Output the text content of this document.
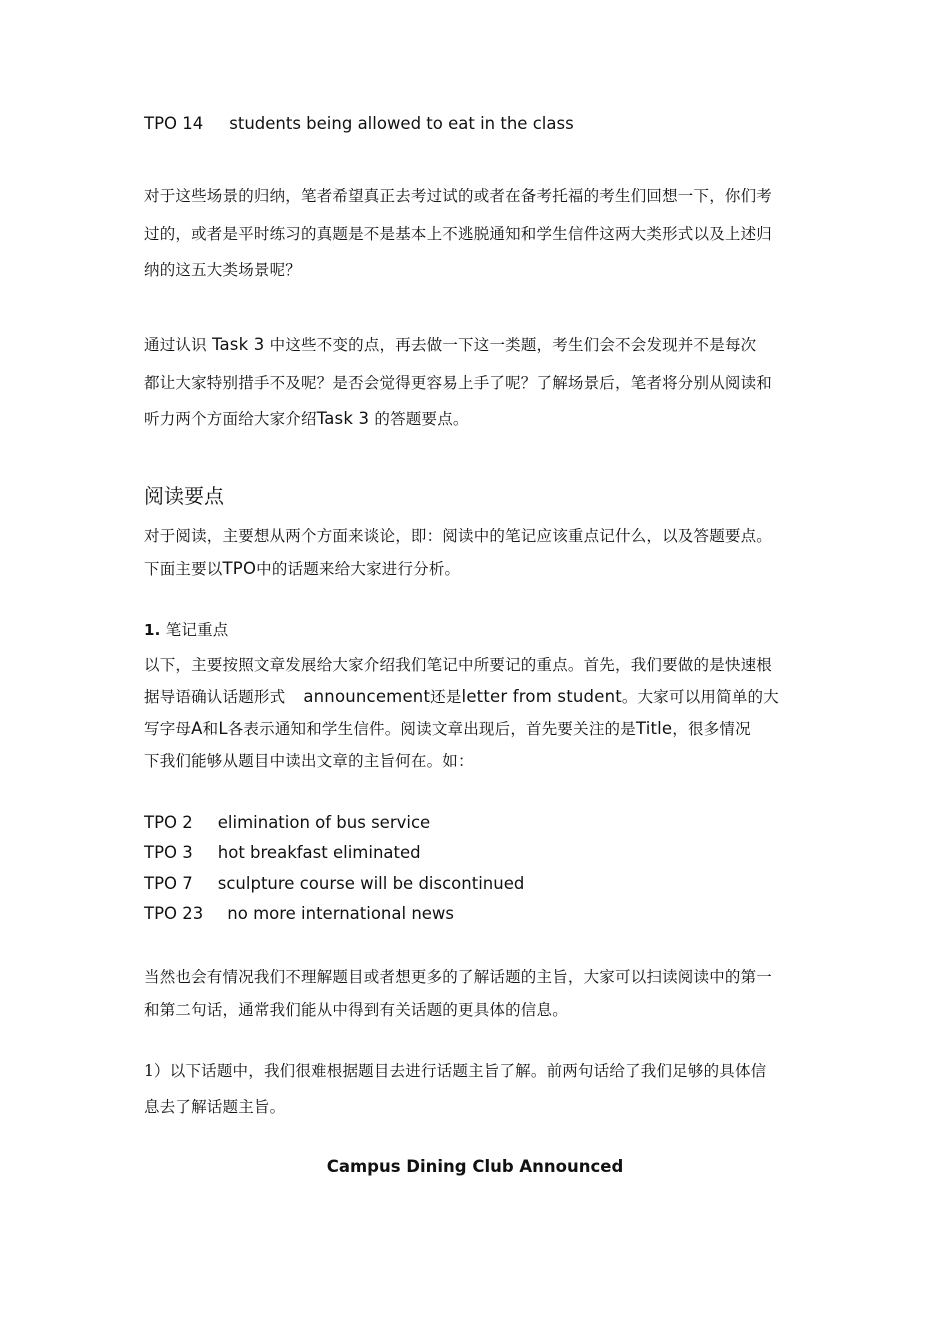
TPO 14 students being allowed to eat in the class
对于这些场景的归纳，笔者希望真正去考过试的或者在备考托福的考生们回想一下，你们考
过的，或者是平时练习的真题是不是基本上不逃脱通知和学生信件这两大类形式以及上述归
纳的这五大类场景呢？
通过认识 Task 3 中这些不变的点，再去做一下这一类题，考生们会不会发现并不是每次
都让大家特别措手不及呢？是否会觉得更容易上手了呢？了解场景后，笔者将分别从阅读和
听力两个方面给大家介绍Task 3 的答题要点。
阅读要点
对于阅读，主要想从两个方面来谈论，即：阅读中的笔记应该重点记什么，以及答题要点。
下面主要以TPO中的话题来给大家进行分析。
1. 笔记重点
以下，主要按照文章发展给大家介绍我们笔记中所要记的重点。首先，我们要做的是快速根
据导语确认话题形式 announcement还是letter from student。大家可以用简单的大
写字母A和L各表示通知和学生信件。阅读文章出现后，首先要关注的是Title，很多情况
下我们能够从题目中读出文章的主旨何在。如：
TPO 2 elimination of bus service
TPO 3 hot breakfast eliminated
TPO 7 sculpture course will be discontinued
TPO 23 no more international news
当然也会有情况我们不理解题目或者想更多的了解话题的主旨，大家可以扫读阅读中的第一
和第二句话，通常我们能从中得到有关话题的更具体的信息。
1）以下话题中，我们很难根据题目去进行话题主旨了解。前两句话给了我们足够的具体信
息去了解话题主旨。
Campus Dining Club Announced
